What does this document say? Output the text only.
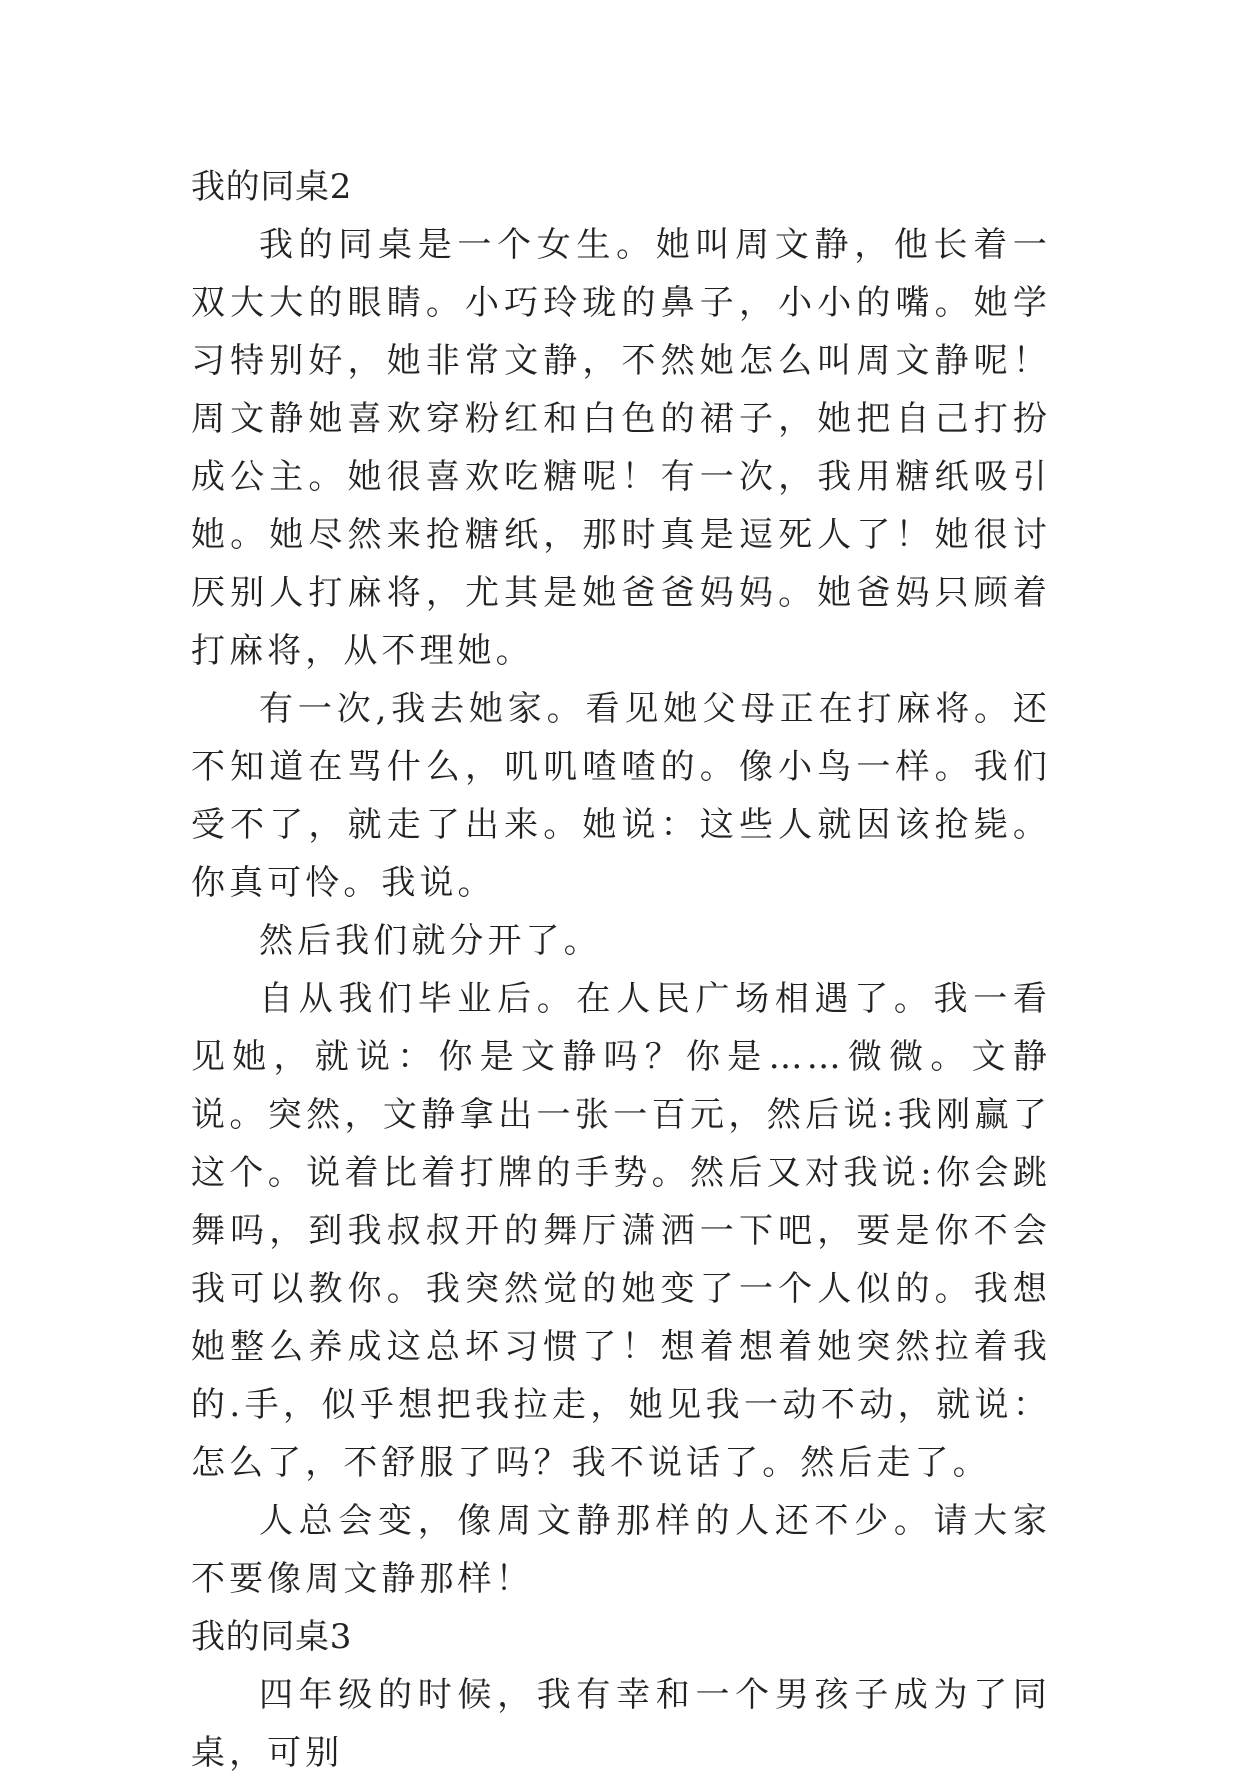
我的同桌2

我的同桌是一个女生。她叫周文静，他长着一双大大的眼睛。小巧玲珑的鼻子，小小的嘴。她学习特别好，她非常文静，不然她怎么叫周文静呢！周文静她喜欢穿粉红和白色的裙子，她把自己打扮成公主。她很喜欢吃糖呢！有一次，我用糖纸吸引她。她尽然来抢糖纸，那时真是逗死人了！她很讨厌别人打麻将，尤其是她爸爸妈妈。她爸妈只顾着打麻将，从不理她。

有一次,我去她家。看见她父母正在打麻将。还不知道在骂什么，叽叽喳喳的。像小鸟一样。我们受不了，就走了出来。她说：这些人就因该抢毙。你真可怜。我说。

然后我们就分开了。

自从我们毕业后。在人民广场相遇了。我一看见她，就说：你是文静吗？你是……微微。文静说。突然，文静拿出一张一百元，然后说:我刚赢了这个。说着比着打牌的手势。然后又对我说:你会跳舞吗，到我叔叔开的舞厅潇洒一下吧，要是你不会我可以教你。我突然觉的她变了一个人似的。我想她整么养成这总坏习惯了！想着想着她突然拉着我的.手，似乎想把我拉走，她见我一动不动，就说：怎么了，不舒服了吗？我不说话了。然后走了。

人总会变，像周文静那样的人还不少。请大家不要像周文静那样！

我的同桌3

四年级的时候，我有幸和一个男孩子成为了同桌，可别
